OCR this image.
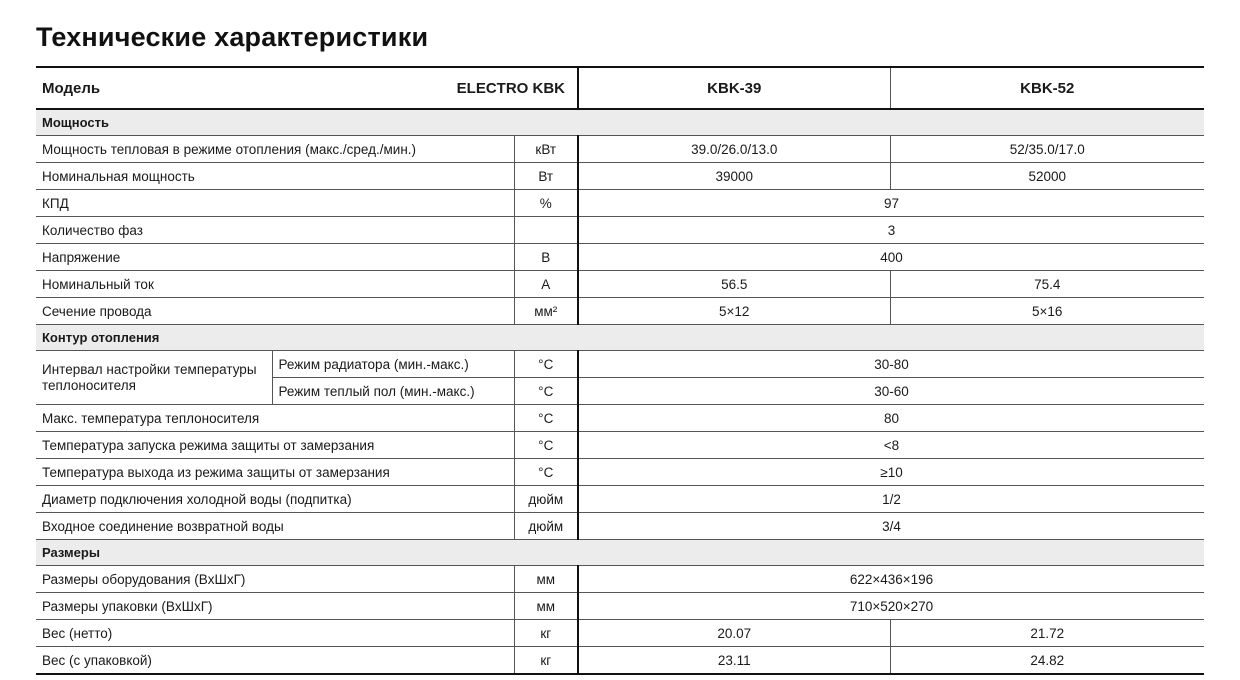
Технические характеристики
Модель	ELECTRO KBK		KBK-39	KBK-52
Мощность				
Мощность тепловая в режиме отопления (макс./сред./мин.)		кВт	39.0/26.0/13.0	52/35.0/17.0
Номинальная мощность		Вт	39000	52000
КПД		%	97	
Количество фаз			3	
Напряжение		В	400	
Номинальный ток		А	56.5	75.4
Сечение провода		мм²	5×12	5×16
Контур отопления				
Интервал настройки температуры теплоносителя	Режим радиатора (мин.-макс.)	°C	30-80	
	Режим теплый пол (мин.-макс.)	°C	30-60	
Макс. температура теплоносителя		°C	80	
Температура запуска режима защиты от замерзания		°C	<8	
Температура выхода из режима защиты от замерзания		°C	≥10	
Диаметр подключения холодной воды (подпитка)		дюйм	1/2	
Входное соединение возвратной воды		дюйм	3/4	
Размеры				
Размеры оборудования (ВxШxГ)		мм	622×436×196	
Размеры упаковки (ВxШxГ)		мм	710×520×270	
Вес (нетто)		кг	20.07	21.72
Вес (с упаковкой)		кг	23.11	24.82
